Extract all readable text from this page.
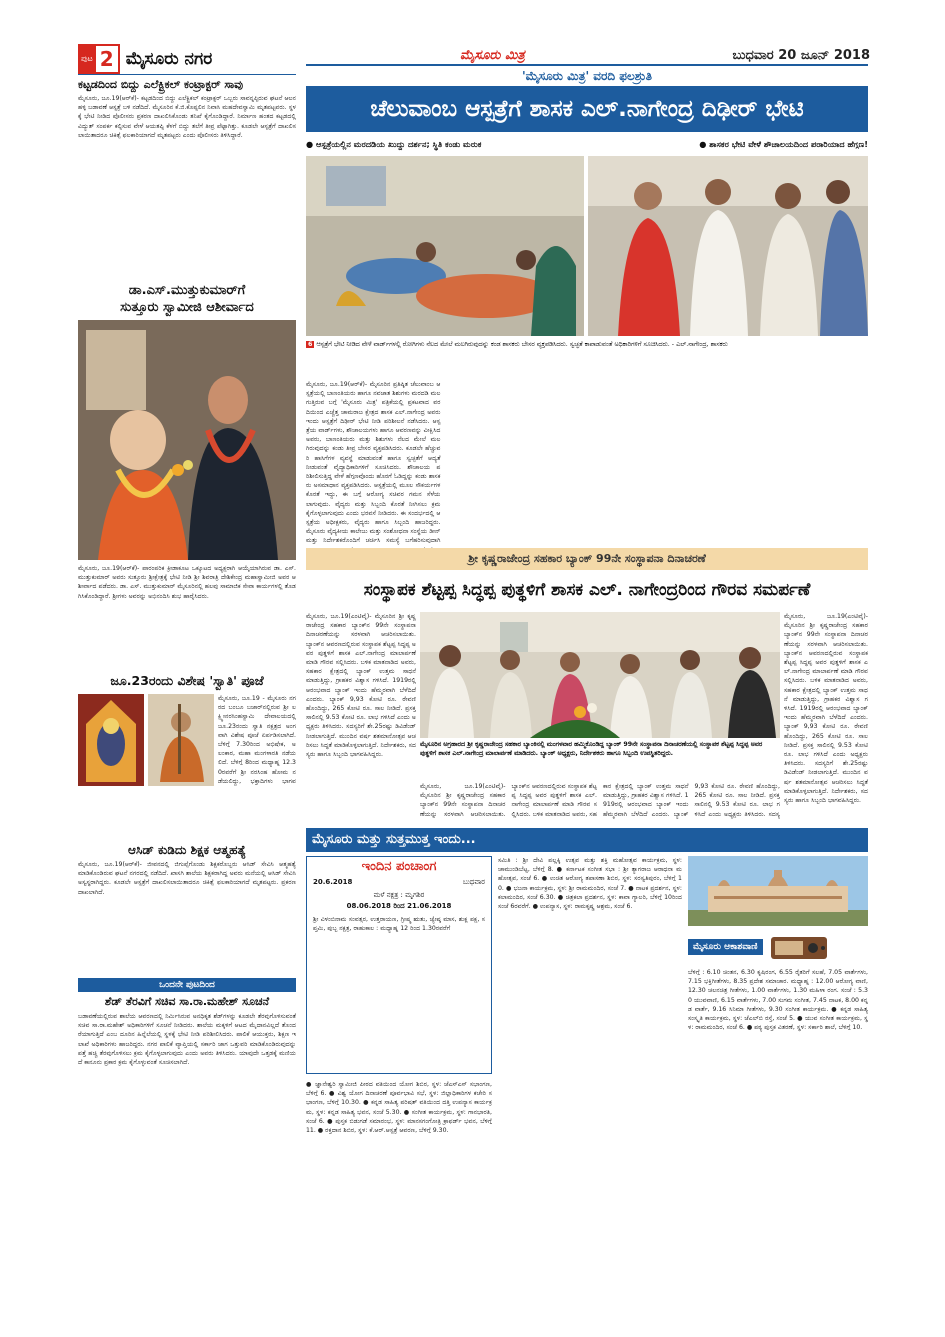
ಪುಟ 2 ಮೈಸೂರು ನಗರ	ಮೈಸೂರು ಮಿತ್ರ	ಬುಧವಾರ 20 ಜೂನ್ 2018
ಕಟ್ಟಡದಿಂದ ಬಿದ್ದು ಎಲೆಕ್ಟ್ರಿಕಲ್ ಕಂಟ್ರಾಕ್ಟರ್ ಸಾವು
ಮೈಸೂರು, ಜೂ.19(ಆರ್‌ಕೆ)- ಕಟ್ಟಡದಿಂದ ಬಿದ್ದು ಎಲೆಕ್ಟ್ರಿಕಲ್ ಕಂಟ್ರಾಕ್ಟರ್ ಒಬ್ಬರು ಸಾವನ್ನಪ್ಪಿರುವ ಘಟನೆ ಆಲನಹಳ್ಳಿ ಬಡಾವಣೆ ಆಸ್ಪತ್ರೆ ಬಳಿ ನಡೆದಿದೆ. ಮೈಸೂರಿನ ಕೆ.ಜಿ.ಕೊಪ್ಪಲಿನ ನಿವಾಸಿ ಮಹದೇವಸ್ವಾಮಿ ಮೃತಪಟ್ಟವರು. ಸ್ಥಳಕ್ಕೆ ಭೇಟಿ ನೀಡಿದ ಪೊಲೀಸರು ಪ್ರಕರಣ ದಾಖಲಿಸಿಕೊಂಡು ತನಿಖೆ ಕೈಗೊಂಡಿದ್ದಾರೆ. ನಿರ್ಮಾಣ ಹಂತದ ಕಟ್ಟಡದಲ್ಲಿ ವಿದ್ಯುತ್ ಸಂಪರ್ಕ ಕಲ್ಪಿಸುವ ವೇಳೆ ಆಯತಪ್ಪಿ ಕೆಳಗೆ ಬಿದ್ದು ತಲೆಗೆ ತೀವ್ರ ಪೆಟ್ಟಾಗಿತ್ತು. ಕೂಡಲೇ ಆಸ್ಪತ್ರೆಗೆ ದಾಖಲಿಸಲಾಯಿತಾದರೂ ಚಿಕಿತ್ಸೆ ಫಲಕಾರಿಯಾಗದೆ ಮೃತಪಟ್ಟರು ಎಂದು ಪೊಲೀಸರು ತಿಳಿಸಿದ್ದಾರೆ.
ಡಾ.ಎಸ್.ಮುತ್ತುಕುಮಾರ್‌ಗೆ
ಸುತ್ತೂರು ಸ್ವಾಮೀಜಿ ಆಶೀರ್ವಾದ
ಮೈಸೂರು, ಜೂ.19(ಆರ್‌ಕೆ)- ಪಾರಂಪರಿಕ ಕ್ರೀಡಾಕೂಟ ಒಕ್ಕೂಟದ ಅಧ್ಯಕ್ಷರಾಗಿ ಆಯ್ಕೆಯಾಗಿರುವ ಡಾ. ಎಸ್. ಮುತ್ತುಕುಮಾರ್ ಅವರು ಸುತ್ತೂರು ಶ್ರೀಕ್ಷೇತ್ರಕ್ಕೆ ಭೇಟಿ ನೀಡಿ ಶ್ರೀ ಶಿವರಾತ್ರಿ ದೇಶಿಕೇಂದ್ರ ಮಹಾಸ್ವಾಮೀಜಿ ಅವರ ಆಶೀರ್ವಾದ ಪಡೆದರು. ಡಾ. ಎಸ್. ಮುತ್ತುಕುಮಾರ್ ಮೈಸೂರಿನಲ್ಲಿ ಹಲವು ಸಾಮಾಜಿಕ ಸೇವಾ ಕಾರ್ಯಗಳಲ್ಲಿ ತೊಡಗಿಸಿಕೊಂಡಿದ್ದಾರೆ. ಶ್ರೀಗಳು ಅವರನ್ನು ಅಭಿನಂದಿಸಿ ಶುಭ ಹಾರೈಸಿದರು.
ಜೂ.23ರಂದು ವಿಶೇಷ 'ಸ್ವಾತಿ' ಪೂಜೆ
ಮೈಸೂರು, ಜೂ.19 - ಮೈಸೂರು ನಗರದ ಬಂಬೂ ಬಜಾರ್‌ನಲ್ಲಿರುವ ಶ್ರೀ ಲಕ್ಷ್ಮೀನರಸಿಂಹಸ್ವಾಮಿ ದೇವಾಲಯದಲ್ಲಿ ಜೂ.23ರಂದು ಸ್ವಾತಿ ನಕ್ಷತ್ರದ ಅಂಗವಾಗಿ ವಿಶೇಷ ಪೂಜೆ ಏರ್ಪಡಿಸಲಾಗಿದೆ. ಬೆಳಿಗ್ಗೆ 7.30ರಿಂದ ಅಭಿಷೇಕ, ಅಲಂಕಾರ, ಮಹಾ ಮಂಗಳಾರತಿ ನಡೆಯಲಿದೆ. ಬೆಳಿಗ್ಗೆ 8ರಿಂದ ಮಧ್ಯಾಹ್ನ 12.30ರವರೆಗೆ ಶ್ರೀ ನರಸಿಂಹ ಹೋಮ ನಡೆಯಲಿದ್ದು, ಭಕ್ತಾದಿಗಳು ಭಾಗವ
ಆಸಿಡ್ ಕುಡಿದು ಶಿಕ್ಷಕ ಆತ್ಮಹತ್ಯೆ
ಮೈಸೂರು, ಜೂ.19(ಆರ್‌ಕೆ)- ಜೀವನದಲ್ಲಿ ಜಿಗುಪ್ಸೆಗೊಂಡು ಶಿಕ್ಷಕರೊಬ್ಬರು ಆಸಿಡ್ ಸೇವಿಸಿ ಆತ್ಮಹತ್ಯೆ ಮಾಡಿಕೊಂಡಿರುವ ಘಟನೆ ನಗರದಲ್ಲಿ ನಡೆದಿದೆ. ಖಾಸಗಿ ಶಾಲೆಯ ಶಿಕ್ಷಕರಾಗಿದ್ದ ಅವರು ಮನೆಯಲ್ಲಿ ಆಸಿಡ್ ಸೇವಿಸಿ ಅಸ್ವಸ್ಥರಾಗಿದ್ದರು. ಕೂಡಲೇ ಆಸ್ಪತ್ರೆಗೆ ದಾಖಲಿಸಲಾಯಿತಾದರೂ ಚಿಕಿತ್ಸೆ ಫಲಕಾರಿಯಾಗದೆ ಮೃತಪಟ್ಟರು. ಪ್ರಕರಣ ದಾಖಲಾಗಿದೆ.
ಒಂದನೇ ಪುಟದಿಂದ
ಶೆಡ್ ತೆರವಿಗೆ ಸಚಿವ ಸಾ.ರಾ.ಮಹೇಶ್ ಸೂಚನೆ
ಬಡಾವಣೆಯಲ್ಲಿರುವ ಶಾಲೆಯ ಆವರಣದಲ್ಲಿ ನಿರ್ಮಿಸಿರುವ ಅನಧಿಕೃತ ಶೆಡ್‌ಗಳನ್ನು ಕೂಡಲೇ ತೆರವುಗೊಳಿಸುವಂತೆ ಸಚಿವ ಸಾ.ರಾ.ಮಹೇಶ್ ಅಧಿಕಾರಿಗಳಿಗೆ ಸೂಚನೆ ನೀಡಿದರು. ಶಾಲೆಯ ಮಕ್ಕಳಿಗೆ ಆಟದ ಮೈದಾನವಿಲ್ಲದೆ ತೊಂದರೆಯಾಗುತ್ತಿದೆ ಎಂಬ ದೂರಿನ ಹಿನ್ನೆಲೆಯಲ್ಲಿ ಸ್ಥಳಕ್ಕೆ ಭೇಟಿ ನೀಡಿ ಪರಿಶೀಲಿಸಿದರು. ಪಾಲಿಕೆ ಆಯುಕ್ತರು, ಶಿಕ್ಷಣ ಇಲಾಖೆ ಅಧಿಕಾರಿಗಳು ಹಾಜರಿದ್ದರು. ನಗರ ಪಾಲಿಕೆ ವ್ಯಾಪ್ತಿಯಲ್ಲಿ ಸರ್ಕಾರಿ ಜಾಗ ಒತ್ತುವರಿ ಮಾಡಿಕೊಂಡಿರುವುದನ್ನು ಪತ್ತೆ ಹಚ್ಚಿ ತೆರವುಗೊಳಿಸಲು ಕ್ರಮ ಕೈಗೊಳ್ಳಲಾಗುವುದು ಎಂದು ಅವರು ತಿಳಿಸಿದರು. ಯಾವುದೇ ಒತ್ತಡಕ್ಕೆ ಮಣಿಯದೆ ಕಾನೂನು ಪ್ರಕಾರ ಕ್ರಮ ಕೈಗೊಳ್ಳುವಂತೆ ಸೂಚಿಸಲಾಗಿದೆ.
'ಮೈಸೂರು ಮಿತ್ರ' ವರದಿ ಫಲಶ್ರುತಿ
ಚೆಲುವಾಂಬ ಆಸ್ಪತ್ರೆಗೆ ಶಾಸಕ ಎಲ್.ನಾಗೇಂದ್ರ ದಿಢೀರ್ ಭೇಟಿ
● ಆಸ್ಪತ್ರೆಯಲ್ಲಿನ ಮರದಡಿಯ ಖುದ್ದು ದರ್ಶನ; ಸ್ಥಿತಿ ಕಂಡು ಮರುಕ	● ಶಾಸಕರ ಭೇಟಿ ವೇಳೆ ಶೌಚಾಲಯದಿಂದ ಪರಾರಿಯಾದ ಹೆಗ್ಗಣ!
6 ಆಸ್ಪತ್ರೆಗೆ ಭೇಟಿ ನೀಡಿದ ವೇಳೆ ವಾರ್ಡ್‌ಗಳಲ್ಲಿ ರೋಗಿಗಳು ನೆಲದ ಮೇಲೆ ಮಲಗಿರುವುದನ್ನು ಕಂಡ ಶಾಸಕರು ಬೇಸರ ವ್ಯಕ್ತಪಡಿಸಿದರು. ಸ್ವಚ್ಛತೆ ಕಾಪಾಡುವಂತೆ ಅಧಿಕಾರಿಗಳಿಗೆ ಸೂಚಿಸಿದರು. - ಎಲ್.ನಾಗೇಂದ್ರ, ಶಾಸಕರು
ಮೈಸೂರು, ಜೂ.19(ಆರ್‌ಕೆ)- ಮೈಸೂರಿನ ಪ್ರತಿಷ್ಠಿತ ಚೆಲುವಾಂಬ ಆಸ್ಪತ್ರೆಯಲ್ಲಿ ಬಾಣಂತಿಯರು ಹಾಗೂ ನವಜಾತ ಶಿಶುಗಳು ಮರದಡಿ ಮಲಗುತ್ತಿರುವ ಬಗ್ಗೆ 'ಮೈಸೂರು ಮಿತ್ರ' ಪತ್ರಿಕೆಯಲ್ಲಿ ಪ್ರಕಟವಾದ ವರದಿಯಿಂದ ಎಚ್ಚೆತ್ತ ಚಾಮರಾಜ ಕ್ಷೇತ್ರದ ಶಾಸಕ ಎಲ್.ನಾಗೇಂದ್ರ ಅವರು ಇಂದು ಆಸ್ಪತ್ರೆಗೆ ದಿಢೀರ್ ಭೇಟಿ ನೀಡಿ ಪರಿಶೀಲನೆ ನಡೆಸಿದರು. ಆಸ್ಪತ್ರೆಯ ವಾರ್ಡ್‌ಗಳು, ಶೌಚಾಲಯಗಳು ಹಾಗೂ ಆವರಣವನ್ನು ವೀಕ್ಷಿಸಿದ ಅವರು, ಬಾಣಂತಿಯರು ಮತ್ತು ಶಿಶುಗಳು ನೆಲದ ಮೇಲೆ ಮಲಗಿರುವುದನ್ನು ಕಂಡು ತೀವ್ರ ಬೇಸರ ವ್ಯಕ್ತಪಡಿಸಿದರು. ಕೂಡಲೇ ಹೆಚ್ಚುವರಿ ಹಾಸಿಗೆಗಳ ವ್ಯವಸ್ಥೆ ಮಾಡುವಂತೆ ಹಾಗೂ ಸ್ವಚ್ಛತೆಗೆ ಆದ್ಯತೆ ನೀಡುವಂತೆ ವೈದ್ಯಾಧಿಕಾರಿಗಳಿಗೆ ಸೂಚಿಸಿದರು. ಶೌಚಾಲಯ ಪರಿಶೀಲಿಸುತ್ತಿದ್ದ ವೇಳೆ ಹೆಗ್ಗಣವೊಂದು ಹೊರಗೆ ಓಡಿದ್ದನ್ನು ಕಂಡು ಶಾಸಕರು ಅಸಮಾಧಾನ ವ್ಯಕ್ತಪಡಿಸಿದರು. ಆಸ್ಪತ್ರೆಯಲ್ಲಿ ಮೂಲ ಸೌಕರ್ಯಗಳ ಕೊರತೆ ಇದ್ದು, ಈ ಬಗ್ಗೆ ಆರೋಗ್ಯ ಸಚಿವರ ಗಮನ ಸೆಳೆಯಲಾಗುವುದು. ವೈದ್ಯರು ಮತ್ತು ಸಿಬ್ಬಂದಿ ಕೊರತೆ ನೀಗಿಸಲು ಕ್ರಮ ಕೈಗೊಳ್ಳಲಾಗುವುದು ಎಂದು ಭರವಸೆ ನೀಡಿದರು. ಈ ಸಂದರ್ಭದಲ್ಲಿ ಆಸ್ಪತ್ರೆಯ ಅಧೀಕ್ಷಕರು, ವೈದ್ಯರು ಹಾಗೂ ಸಿಬ್ಬಂದಿ ಹಾಜರಿದ್ದರು. ಮೈಸೂರು ವೈದ್ಯಕೀಯ ಕಾಲೇಜು ಮತ್ತು ಸಂಶೋಧನಾ ಸಂಸ್ಥೆಯ ಡೀನ್ ಮತ್ತು ನಿರ್ದೇಶಕರೊಂದಿಗೆ ಚರ್ಚಿಸಿ ಸಮಸ್ಯೆ ಬಗೆಹರಿಸುವುದಾಗಿ
ಶ್ರೀ ಕೃಷ್ಣರಾಜೇಂದ್ರ ಸಹಕಾರ ಬ್ಯಾಂಕ್ 99ನೇ ಸಂಸ್ಥಾಪನಾ ದಿನಾಚರಣೆ
ಸಂಸ್ಥಾಪಕ ಶೆಟ್ಟಪ್ಪ ಸಿದ್ಧಪ್ಪ ಪುತ್ಥಳಿಗೆ ಶಾಸಕ ಎಲ್. ನಾಗೇಂದ್ರರಿಂದ ಗೌರವ ಸಮರ್ಪಣೆ
ಮೈಸೂರು, ಜೂ.19(ಎಂಟಿವೈ)- ಮೈಸೂರಿನ ಶ್ರೀ ಕೃಷ್ಣರಾಜೇಂದ್ರ ಸಹಕಾರ ಬ್ಯಾಂಕ್‌ನ 99ನೇ ಸಂಸ್ಥಾಪನಾ ದಿನಾಚರಣೆಯನ್ನು ಸರಳವಾಗಿ ಆಚರಿಸಲಾಯಿತು. ಬ್ಯಾಂಕ್‌ನ ಆವರಣದಲ್ಲಿರುವ ಸಂಸ್ಥಾಪಕ ಶೆಟ್ಟಪ್ಪ ಸಿದ್ಧಪ್ಪ ಅವರ ಪುತ್ಥಳಿಗೆ ಶಾಸಕ ಎಲ್.ನಾಗೇಂದ್ರ ಮಾಲಾರ್ಪಣೆ ಮಾಡಿ ಗೌರವ ಸಲ್ಲಿಸಿದರು. ಬಳಿಕ ಮಾತನಾಡಿದ ಅವರು, ಸಹಕಾರ ಕ್ಷೇತ್ರದಲ್ಲಿ ಬ್ಯಾಂಕ್ ಉತ್ತಮ ಸಾಧನೆ ಮಾಡುತ್ತಿದ್ದು, ಗ್ರಾಹಕರ ವಿಶ್ವಾಸ ಗಳಿಸಿದೆ. 1919ರಲ್ಲಿ ಆರಂಭವಾದ ಬ್ಯಾಂಕ್ ಇಂದು ಹೆಮ್ಮರವಾಗಿ ಬೆಳೆದಿದೆ ಎಂದರು. ಬ್ಯಾಂಕ್ 9,93 ಕೋಟಿ ರೂ. ಠೇವಣಿ ಹೊಂದಿದ್ದು, 265 ಕೋಟಿ ರೂ. ಸಾಲ ನೀಡಿದೆ. ಪ್ರಸಕ್ತ ಸಾಲಿನಲ್ಲಿ 9.53 ಕೋಟಿ ರೂ. ಲಾಭ ಗಳಿಸಿದೆ ಎಂದು ಅಧ್ಯಕ್ಷರು ತಿಳಿಸಿದರು. ಸದಸ್ಯರಿಗೆ ಶೇ.25ರಷ್ಟು ಡಿವಿಡೆಂಡ್ ನೀಡಲಾಗುತ್ತಿದೆ. ಮುಂದಿನ ವರ್ಷ ಶತಮಾನೋತ್ಸವ ಆಚರಿಸಲು ಸಿದ್ಧತೆ ಮಾಡಿಕೊಳ್ಳಲಾಗುತ್ತಿದೆ. ನಿರ್ದೇಶಕರು, ಸದಸ್ಯರು ಹಾಗೂ ಸಿಬ್ಬಂದಿ ಭಾಗವಹಿಸಿದ್ದರು.
ಮೈಸೂರಿನ ಅಗ್ರಹಾರದ ಶ್ರೀ ಕೃಷ್ಣರಾಜೇಂದ್ರ ಸಹಕಾರ ಬ್ಯಾಂಕಿನಲ್ಲಿ ಮಂಗಳವಾರ ಹಮ್ಮಿಕೊಂಡಿದ್ದ ಬ್ಯಾಂಕ್ 99ನೇ ಸಂಸ್ಥಾಪನಾ ದಿನಾಚರಣೆಯಲ್ಲಿ ಸಂಸ್ಥಾಪಕ ಶೆಟ್ಟಪ್ಪ ಸಿದ್ಧಪ್ಪ ಅವರ ಪುತ್ಥಳಿಗೆ ಶಾಸಕ ಎಲ್.ನಾಗೇಂದ್ರ ಮಾಲಾರ್ಪಣೆ ಮಾಡಿದರು. ಬ್ಯಾಂಕ್ ಅಧ್ಯಕ್ಷರು, ನಿರ್ದೇಶಕರು ಹಾಗೂ ಸಿಬ್ಬಂದಿ ಉಪಸ್ಥಿತರಿದ್ದರು.
ಮೈಸೂರು, ಜೂ.19(ಎಂಟಿವೈ)- ಮೈಸೂರಿನ ಶ್ರೀ ಕೃಷ್ಣರಾಜೇಂದ್ರ ಸಹಕಾರ ಬ್ಯಾಂಕ್‌ನ 99ನೇ ಸಂಸ್ಥಾಪನಾ ದಿನಾಚರಣೆಯನ್ನು ಸರಳವಾಗಿ ಆಚರಿಸಲಾಯಿತು. ಬ್ಯಾಂಕ್‌ನ ಆವರಣದಲ್ಲಿರುವ ಸಂಸ್ಥಾಪಕ ಶೆಟ್ಟಪ್ಪ ಸಿದ್ಧಪ್ಪ ಅವರ ಪುತ್ಥಳಿಗೆ ಶಾಸಕ ಎಲ್.ನಾಗೇಂದ್ರ ಮಾಲಾರ್ಪಣೆ ಮಾಡಿ ಗೌರವ ಸಲ್ಲಿಸಿದರು. ಬಳಿಕ ಮಾತನಾಡಿದ ಅವರು, ಸಹಕಾರ ಕ್ಷೇತ್ರದಲ್ಲಿ ಬ್ಯಾಂಕ್ ಉತ್ತಮ ಸಾಧನೆ ಮಾಡುತ್ತಿದ್ದು, ಗ್ರಾಹಕರ ವಿಶ್ವಾಸ ಗಳಿಸಿದೆ. 1919ರಲ್ಲಿ ಆರಂಭವಾದ ಬ್ಯಾಂಕ್ ಇಂದು ಹೆಮ್ಮರವಾಗಿ ಬೆಳೆದಿದೆ ಎಂದರು. ಬ್ಯಾಂಕ್ 9,93 ಕೋಟಿ ರೂ. ಠೇವಣಿ ಹೊಂದಿದ್ದು, 265 ಕೋಟಿ ರೂ. ಸಾಲ ನೀಡಿದೆ. ಪ್ರಸಕ್ತ ಸಾಲಿನಲ್ಲಿ 9.53 ಕೋಟಿ ರೂ. ಲಾಭ ಗಳಿಸಿದೆ ಎಂದು ಅಧ್ಯಕ್ಷರು ತಿಳಿಸಿದರು. ಸದಸ್ಯ
ಮೈಸೂರು, ಜೂ.19(ಎಂಟಿವೈ)- ಮೈಸೂರಿನ ಶ್ರೀ ಕೃಷ್ಣರಾಜೇಂದ್ರ ಸಹಕಾರ ಬ್ಯಾಂಕ್‌ನ 99ನೇ ಸಂಸ್ಥಾಪನಾ ದಿನಾಚರಣೆಯನ್ನು ಸರಳವಾಗಿ ಆಚರಿಸಲಾಯಿತು. ಬ್ಯಾಂಕ್‌ನ ಆವರಣದಲ್ಲಿರುವ ಸಂಸ್ಥಾಪಕ ಶೆಟ್ಟಪ್ಪ ಸಿದ್ಧಪ್ಪ ಅವರ ಪುತ್ಥಳಿಗೆ ಶಾಸಕ ಎಲ್.ನಾಗೇಂದ್ರ ಮಾಲಾರ್ಪಣೆ ಮಾಡಿ ಗೌರವ ಸಲ್ಲಿಸಿದರು. ಬಳಿಕ ಮಾತನಾಡಿದ ಅವರು, ಸಹಕಾರ ಕ್ಷೇತ್ರದಲ್ಲಿ ಬ್ಯಾಂಕ್ ಉತ್ತಮ ಸಾಧನೆ ಮಾಡುತ್ತಿದ್ದು, ಗ್ರಾಹಕರ ವಿಶ್ವಾಸ ಗಳಿಸಿದೆ. 1919ರಲ್ಲಿ ಆರಂಭವಾದ ಬ್ಯಾಂಕ್ ಇಂದು ಹೆಮ್ಮರವಾಗಿ ಬೆಳೆದಿದೆ ಎಂದರು. ಬ್ಯಾಂಕ್ 9,93 ಕೋಟಿ ರೂ. ಠೇವಣಿ ಹೊಂದಿದ್ದು, 265 ಕೋಟಿ ರೂ. ಸಾಲ ನೀಡಿದೆ. ಪ್ರಸಕ್ತ ಸಾಲಿನಲ್ಲಿ 9.53 ಕೋಟಿ ರೂ. ಲಾಭ ಗಳಿಸಿದೆ ಎಂದು ಅಧ್ಯಕ್ಷರು ತಿಳಿಸಿದರು. ಸದಸ್ಯರಿಗೆ ಶೇ.25ರಷ್ಟು ಡಿವಿಡೆಂಡ್ ನೀಡಲಾಗುತ್ತಿದೆ. ಮುಂದಿನ ವರ್ಷ ಶತಮಾನೋತ್ಸವ ಆಚರಿಸಲು ಸಿದ್ಧತೆ ಮಾಡಿಕೊಳ್ಳಲಾಗುತ್ತಿದೆ. ನಿರ್ದೇಶಕರು, ಸದಸ್ಯರು ಹಾಗೂ ಸಿಬ್ಬಂದಿ ಭಾಗವಹಿಸಿದ್ದರು.
ಮೈಸೂರು ಮತ್ತು ಸುತ್ತಮುತ್ತ ಇಂದು...
ಇಂದಿನ ಪಂಚಾಂಗ
20.6.2018	ಬುಧವಾರ
ಮಳೆ ನಕ್ಷತ್ರ : ಮೃಗಶಿರ
08.06.2018 ರಿಂದ 21.06.2018
ಶ್ರೀ ವಿಳಂಬಿನಾಮ ಸಂವತ್ಸರ, ಉತ್ತರಾಯಣ, ಗ್ರೀಷ್ಮ ಋತು, ಜ್ಯೇಷ್ಠ ಮಾಸ, ಶುಕ್ಲ ಪಕ್ಷ, ಸಪ್ತಮಿ, ಪುಬ್ಬ ನಕ್ಷತ್ರ, ರಾಹುಕಾಲ : ಮಧ್ಯಾಹ್ನ 12 ರಿಂದ 1.30ರವರೆಗೆ
● ಜ್ಞಾನೇಶ್ವರಿ ಸ್ವಾಮೀಜಿ ಪೀಠದ ವತಿಯಿಂದ ಯೋಗ ಶಿಬಿರ, ಸ್ಥಳ: ಜೆಎಸ್‌ಎಸ್ ಸಭಾಂಗಣ, ಬೆಳಿಗ್ಗೆ 6. ● ವಿಶ್ವ ಯೋಗ ದಿನಾಚರಣೆ ಪೂರ್ವಭಾವಿ ಸಭೆ, ಸ್ಥಳ: ಜಿಲ್ಲಾಧಿಕಾರಿಗಳ ಕಚೇರಿ ಸಭಾಂಗಣ, ಬೆಳಿಗ್ಗೆ 10.30. ● ಕನ್ನಡ ಸಾಹಿತ್ಯ ಪರಿಷತ್ ವತಿಯಿಂದ ದತ್ತಿ ಉಪನ್ಯಾಸ ಕಾರ್ಯಕ್ರಮ, ಸ್ಥಳ: ಕನ್ನಡ ಸಾಹಿತ್ಯ ಭವನ, ಸಂಜೆ 5.30. ● ಸಂಗೀತ ಕಾರ್ಯಕ್ರಮ, ಸ್ಥಳ: ಗಾನಭಾರತಿ, ಸಂಜೆ 6. ● ಪುಸ್ತಕ ಬಿಡುಗಡೆ ಸಮಾರಂಭ, ಸ್ಥಳ: ಮಾನಸಗಂಗೋತ್ರಿ ಕ್ರಾಫರ್ಡ್ ಭವನ, ಬೆಳಿಗ್ಗೆ 11. ● ರಕ್ತದಾನ ಶಿಬಿರ, ಸ್ಥಳ: ಕೆ.ಆರ್.ಆಸ್ಪತ್ರೆ ಆವರಣ, ಬೆಳಿಗ್ಗೆ 9.30.
ಸಮಿತಿ : ಶ್ರೀ ದೇವಿ ಪಲ್ಲಕ್ಕಿ ಉತ್ಸವ ಮತ್ತು ಶಕ್ತಿ ಮಹೋತ್ಸವ ಕಾರ್ಯಕ್ರಮ, ಸ್ಥಳ: ಚಾಮುಂಡಿಬೆಟ್ಟ, ಬೆಳಿಗ್ಗೆ 8. ● ಕರ್ನಾಟಕ ಸಂಗೀತ ಸಭಾ : ಶ್ರೀ ತ್ಯಾಗರಾಜ ಆರಾಧನಾ ಮಹೋತ್ಸವ, ಸಂಜೆ 6. ● ಉಚಿತ ಆರೋಗ್ಯ ತಪಾಸಣಾ ಶಿಬಿರ, ಸ್ಥಳ: ಸರಸ್ವತಿಪುರಂ, ಬೆಳಿಗ್ಗೆ 10. ● ಭಜನಾ ಕಾರ್ಯಕ್ರಮ, ಸ್ಥಳ: ಶ್ರೀ ರಾಮಮಂದಿರ, ಸಂಜೆ 7. ● ನಾಟಕ ಪ್ರದರ್ಶನ, ಸ್ಥಳ: ಕಲಾಮಂದಿರ, ಸಂಜೆ 6.30. ● ಚಿತ್ರಕಲಾ ಪ್ರದರ್ಶನ, ಸ್ಥಳ: ಕಾವಾ ಗ್ಯಾಲರಿ, ಬೆಳಿಗ್ಗೆ 10ರಿಂದ ಸಂಜೆ 6ರವರೆಗೆ. ● ಉಪನ್ಯಾಸ, ಸ್ಥಳ: ರಾಮಕೃಷ್ಣ ಆಶ್ರಮ, ಸಂಜೆ 6.
ಮೈಸೂರು ಆಕಾಶವಾಣಿ
ಬೆಳಿಗ್ಗೆ : 6.10 ಚಿಂತನ, 6.30 ಕೃಷಿರಂಗ, 6.55 ರೈತರಿಗೆ ಸಲಹೆ, 7.05 ವಾರ್ತೆಗಳು, 7.15 ಭಕ್ತಿಗೀತೆಗಳು, 8.35 ಪ್ರದೇಶ ಸಮಾಚಾರ. ಮಧ್ಯಾಹ್ನ : 12.00 ಆರೋಗ್ಯ ವಾಣಿ, 12.30 ಚಲನಚಿತ್ರ ಗೀತೆಗಳು, 1.00 ವಾರ್ತೆಗಳು, 1.30 ಮಹಿಳಾ ರಂಗ. ಸಂಜೆ : 5.30 ಯುವವಾಣಿ, 6.15 ವಾರ್ತೆಗಳು, 7.00 ಸುಗಮ ಸಂಗೀತ, 7.45 ನಾಟಕ, 8.00 ಕನ್ನಡ ವಾರ್ತೆ, 9.16 ಸಿನಿಮಾ ಗೀತೆಗಳು, 9.30 ಸಂಗೀತ ಕಾರ್ಯಕ್ರಮ. ● ಕನ್ನಡ ಸಾಹಿತ್ಯ ಸಂಸ್ಕೃತಿ ಕಾರ್ಯಕ್ರಮ, ಸ್ಥಳ: ಜೆಎಲ್‌ಬಿ ರಸ್ತೆ, ಸಂಜೆ 5. ● ಯುವ ಸಂಗೀತ ಕಾರ್ಯಕ್ರಮ, ಸ್ಥಳ: ರಾಮಮಂದಿರ, ಸಂಜೆ 6. ● ಪಠ್ಯ ಪುಸ್ತಕ ವಿತರಣೆ, ಸ್ಥಳ: ಸರ್ಕಾರಿ ಶಾಲೆ, ಬೆಳಿಗ್ಗೆ 10.
